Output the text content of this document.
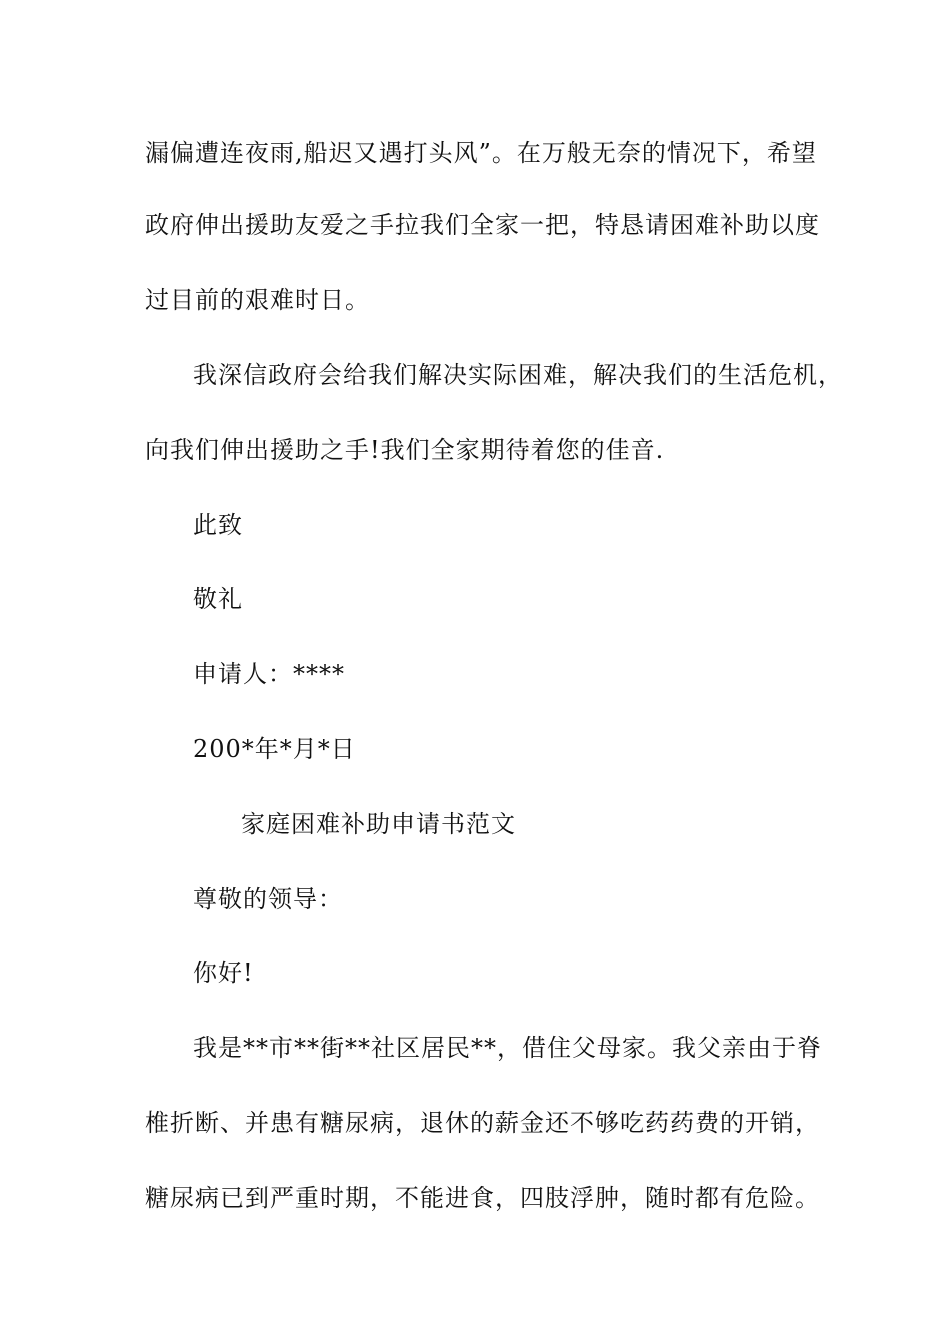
漏偏遭连夜雨,船迟又遇打头风”。在万般无奈的情况下，希望
政府伸出援助友爱之手拉我们全家一把，特恳请困难补助以度
过目前的艰难时日。
我深信政府会给我们解决实际困难，解决我们的生活危机，
向我们伸出援助之手!我们全家期待着您的佳音.
此致
敬礼
申请人：****
200*年*月*日
家庭困难补助申请书范文
尊敬的领导：
你好!
我是**市**街**社区居民**，借住父母家。我父亲由于脊
椎折断、并患有糖尿病，退休的薪金还不够吃药药费的开销，
糖尿病已到严重时期，不能进食，四肢浮肿，随时都有危险。
